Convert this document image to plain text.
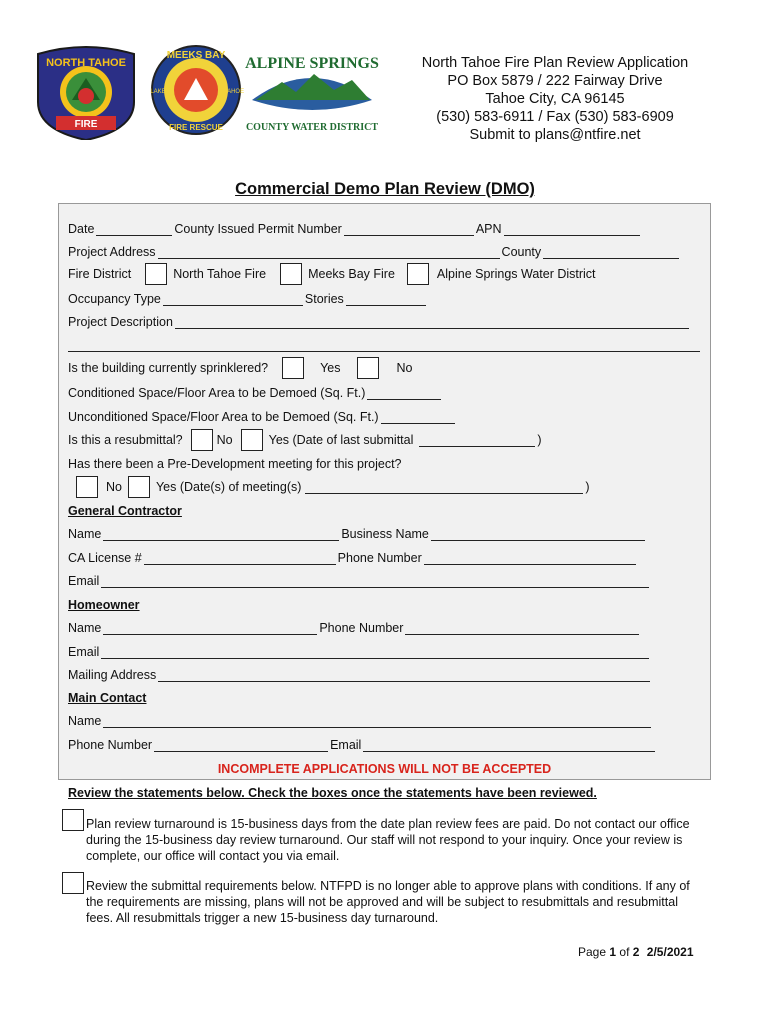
NORTH TAHOE
FIRE
MEEKS BAY
FIRE RESCUE
LAKE	TAHOE
ALPINE SPRINGS
COUNTY WATER DISTRICT
North Tahoe Fire Plan Review Application
PO Box 5879 / 222 Fairway Drive
Tahoe City, CA 96145
(530) 583-6911 / Fax (530) 583-6909
Submit to plans@ntfire.net
Commercial Demo Plan Review (DMO)
Date	County Issued Permit Number	APN
Project Address	County
Fire District	North Tahoe Fire	Meeks Bay Fire	Alpine Springs Water District
Occupancy Type	Stories
Project Description
Is the building currently sprinklered?	Yes	No
Conditioned Space/Floor Area to be Demoed (Sq. Ft.)
Unconditioned Space/Floor Area to be Demoed (Sq. Ft.)
Is this a resubmittal?	No	Yes (Date of last submittal	)
Has there been a Pre-Development meeting for this project?
No	Yes (Date(s) of meeting(s)	)
General Contractor
Name	Business Name
CA License #	Phone Number
Email
Homeowner
Name	Phone Number
Email
Mailing Address
Main Contact
Name
Phone Number	Email
INCOMPLETE APPLICATIONS WILL NOT BE ACCEPTED
Review the statements below. Check the boxes once the statements have been reviewed.
Plan review turnaround is 15-business days from the date plan review fees are paid. Do not contact our office during the 15-business day review turnaround. Our staff will not respond to your inquiry. Once your review is complete, our office will contact you via email.
Review the submittal requirements below. NTFPD is no longer able to approve plans with conditions. If any of the requirements are missing, plans will not be approved and will be subject to resubmittals and resubmittal fees. All resubmittals trigger a new 15-business day turnaround.
Page 1 of 2 2/5/2021
